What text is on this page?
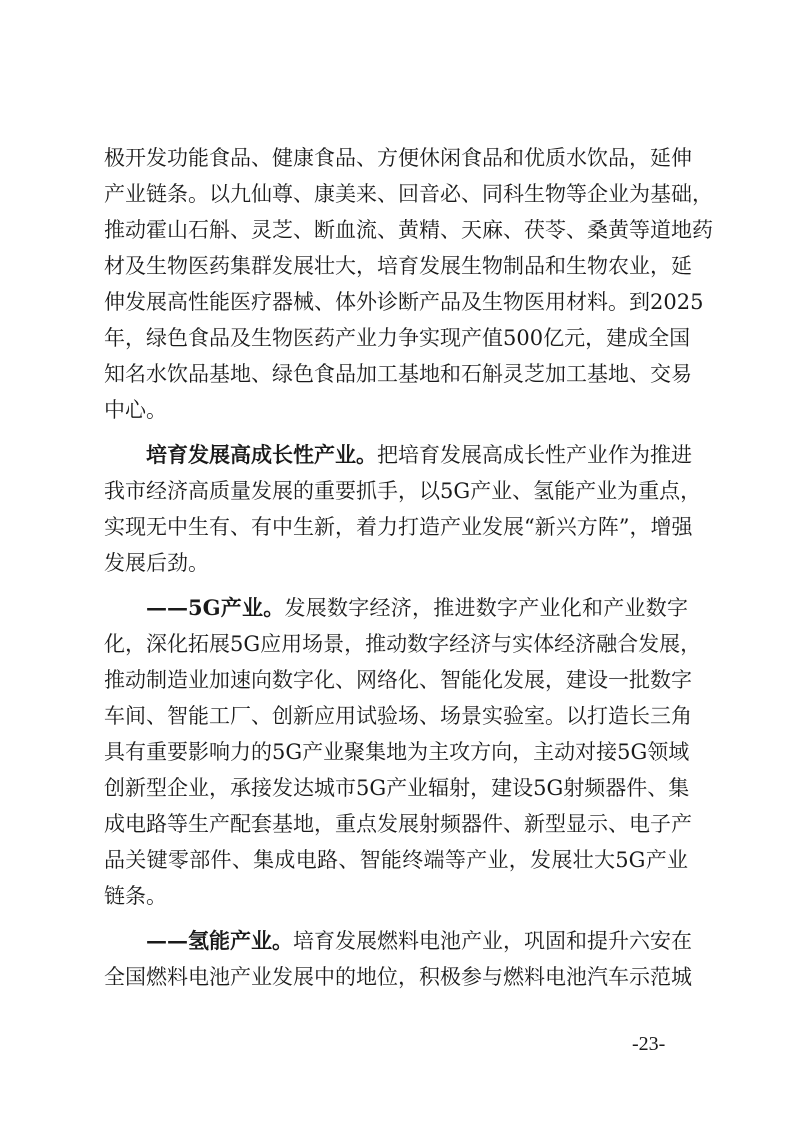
极开发功能食品、健康食品、方便休闲食品和优质水饮品，延伸
产业链条。以九仙尊、康美来、回音必、同科生物等企业为基础，
推动霍山石斛、灵芝、断血流、黄精、天麻、茯苓、桑黄等道地药
材及生物医药集群发展壮大，培育发展生物制品和生物农业，延
伸发展高性能医疗器械、体外诊断产品及生物医用材料。到2025
年，绿色食品及生物医药产业力争实现产值500亿元，建成全国
知名水饮品基地、绿色食品加工基地和石斛灵芝加工基地、交易
中心。
培育发展高成长性产业。把培育发展高成长性产业作为推进
我市经济高质量发展的重要抓手，以5G产业、氢能产业为重点，
实现无中生有、有中生新，着力打造产业发展“新兴方阵”，增强
发展后劲。
——5G产业。发展数字经济，推进数字产业化和产业数字
化，深化拓展5G应用场景，推动数字经济与实体经济融合发展，
推动制造业加速向数字化、网络化、智能化发展，建设一批数字
车间、智能工厂、创新应用试验场、场景实验室。以打造长三角
具有重要影响力的5G产业聚集地为主攻方向，主动对接5G领域
创新型企业，承接发达城市5G产业辐射，建设5G射频器件、集
成电路等生产配套基地，重点发展射频器件、新型显示、电子产
品关键零部件、集成电路、智能终端等产业，发展壮大5G产业
链条。
——氢能产业。培育发展燃料电池产业，巩固和提升六安在
全国燃料电池产业发展中的地位，积极参与燃料电池汽车示范城
-23-
